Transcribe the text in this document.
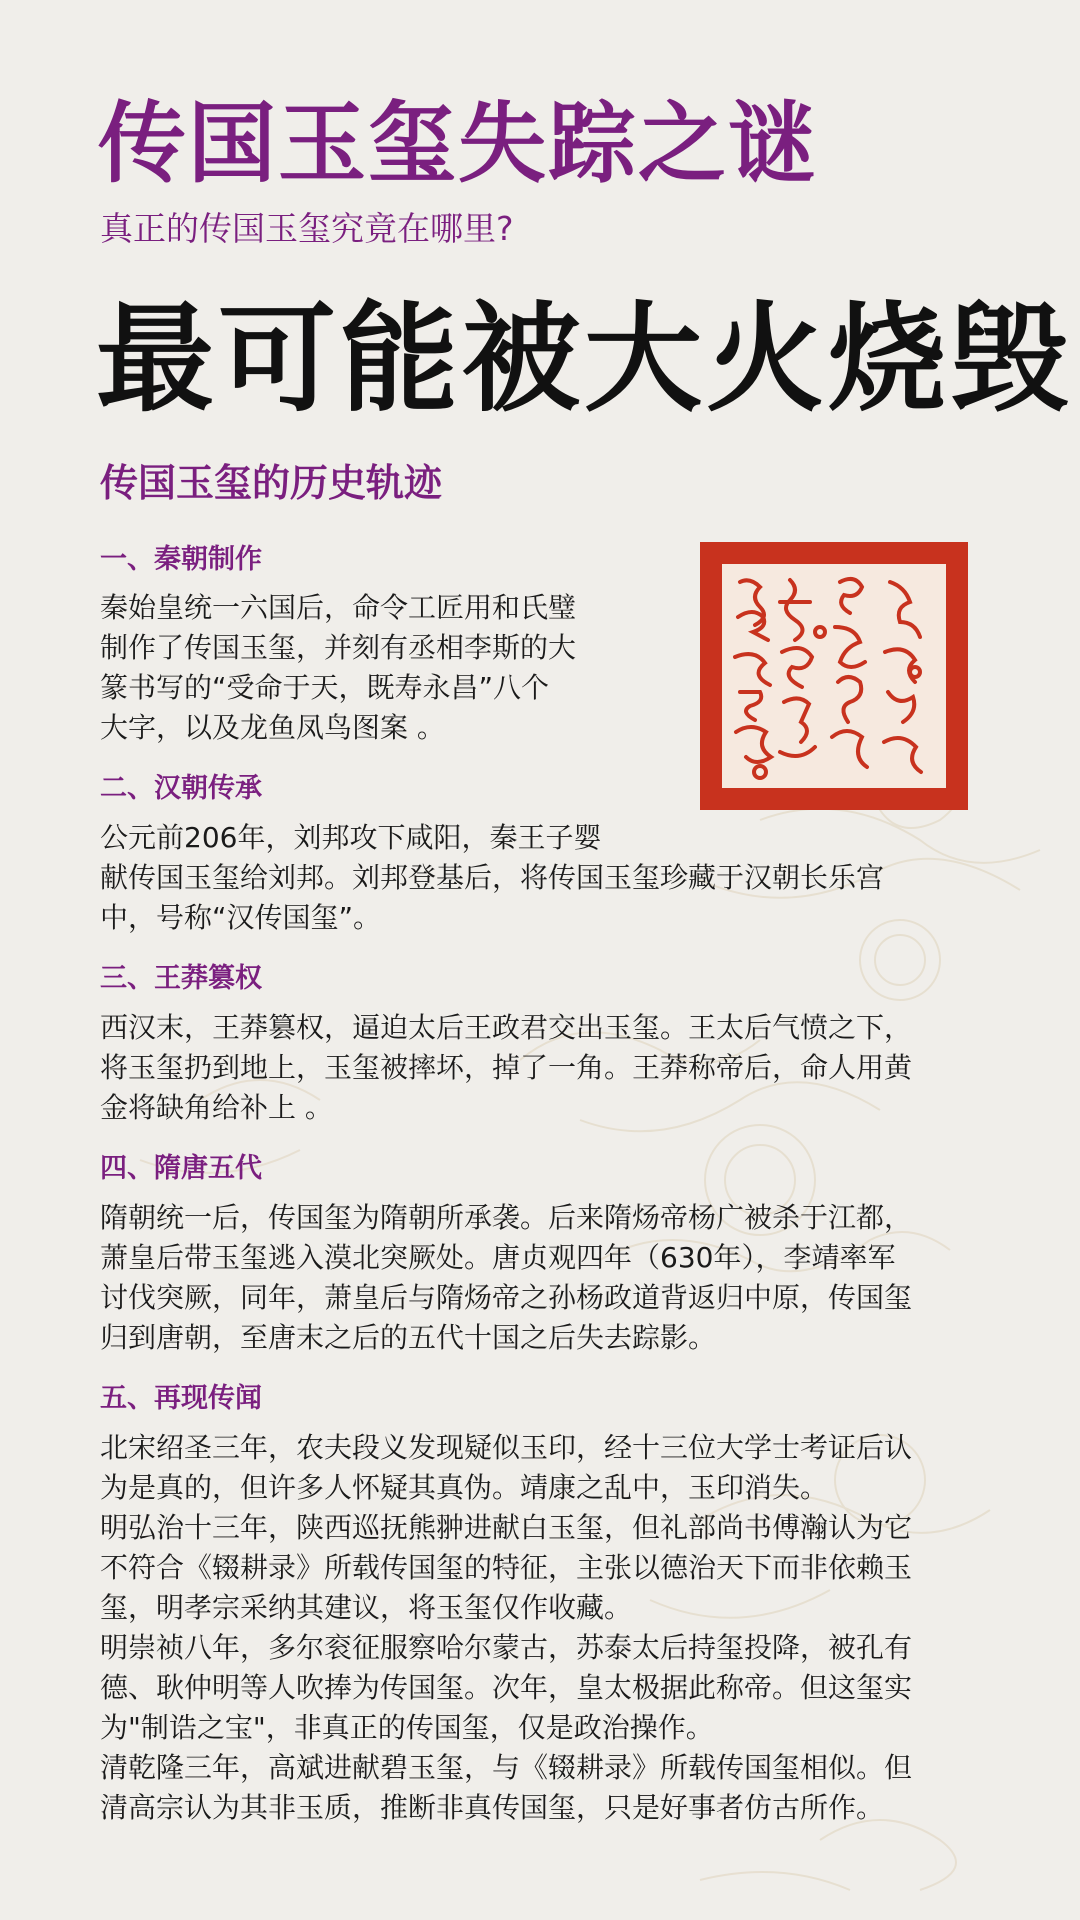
传国玉玺失踪之谜
真正的传国玉玺究竟在哪里?
最可能被大火烧毁
传国玉玺的历史轨迹
一、秦朝制作
秦始皇统一六国后，命令工匠用和氏璧
制作了传国玉玺，并刻有丞相李斯的大
篆书写的“受命于天，既寿永昌”八个
大字，以及龙鱼凤鸟图案 。
二、汉朝传承
公元前206年，刘邦攻下咸阳，秦王子婴
献传国玉玺给刘邦。刘邦登基后，将传国玉玺珍藏于汉朝长乐宫
中，号称“汉传国玺”。
三、王莽篡权
西汉末，王莽篡权，逼迫太后王政君交出玉玺。王太后气愤之下，
将玉玺扔到地上，玉玺被摔坏，掉了一角。王莽称帝后，命人用黄
金将缺角给补上 。
四、隋唐五代
隋朝统一后，传国玺为隋朝所承袭。后来隋炀帝杨广被杀于江都，
萧皇后带玉玺逃入漠北突厥处。唐贞观四年（630年），李靖率军
讨伐突厥，同年，萧皇后与隋炀帝之孙杨政道背返归中原，传国玺
归到唐朝，至唐末之后的五代十国之后失去踪影。
五、再现传闻
北宋绍圣三年，农夫段义发现疑似玉印，经十三位大学士考证后认
为是真的，但许多人怀疑其真伪。靖康之乱中，玉印消失。
明弘治十三年，陕西巡抚熊翀进献白玉玺，但礼部尚书傅瀚认为它
不符合《辍耕录》所载传国玺的特征，主张以德治天下而非依赖玉
玺，明孝宗采纳其建议，将玉玺仅作收藏。
明崇祯八年，多尔衮征服察哈尔蒙古，苏泰太后持玺投降，被孔有
德、耿仲明等人吹捧为传国玺。次年，皇太极据此称帝。但这玺实
为"制诰之宝"，非真正的传国玺，仅是政治操作。
清乾隆三年，高斌进献碧玉玺，与《辍耕录》所载传国玺相似。但
清高宗认为其非玉质，推断非真传国玺，只是好事者仿古所作。
